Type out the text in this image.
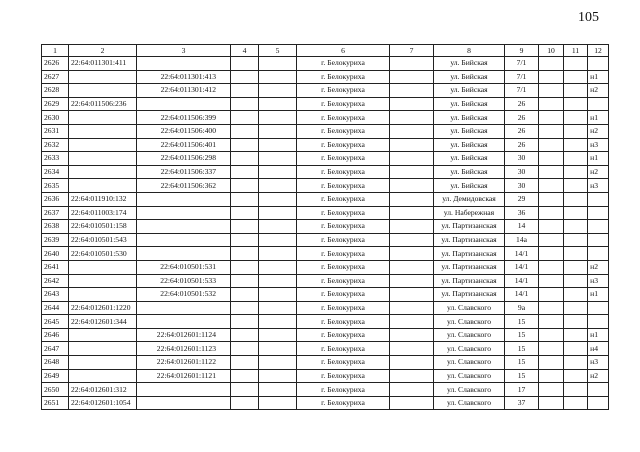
105
1	2	3	4	5	6	7	8	9	10	11	12
2626	22:64:011301:411				г. Белокуриха		ул. Бийская	7/1			
2627		22:64:011301:413			г. Белокуриха		ул. Бийская	7/1			н1
2628		22:64:011301:412			г. Белокуриха		ул. Бийская	7/1			н2
2629	22:64:011506:236				г. Белокуриха		ул. Бийская	26			
2630		22:64:011506:399			г. Белокуриха		ул. Бийская	26			н1
2631		22:64:011506:400			г. Белокуриха		ул. Бийская	26			н2
2632		22:64:011506:401			г. Белокуриха		ул. Бийская	26			н3
2633		22:64:011506:298			г. Белокуриха		ул. Бийская	30			н1
2634		22:64:011506:337			г. Белокуриха		ул. Бийская	30			н2
2635		22:64:011506:362			г. Белокуриха		ул. Бийская	30			н3
2636	22:64:011910:132				г. Белокуриха		ул. Демидовская	29			
2637	22:64:011003:174				г. Белокуриха		ул. Набережная	36			
2638	22:64:010501:158				г. Белокуриха		ул. Партизанская	14			
2639	22:64:010501:543				г. Белокуриха		ул. Партизанская	14а			
2640	22:64:010501:530				г. Белокуриха		ул. Партизанская	14/1			
2641		22:64:010501:531			г. Белокуриха		ул. Партизанская	14/1			н2
2642		22:64:010501:533			г. Белокуриха		ул. Партизанская	14/1			н3
2643		22:64:010501:532			г. Белокуриха		ул. Партизанская	14/1			н1
2644	22:64:012601:1220				г. Белокуриха		ул. Славского	9а			
2645	22:64:012601:344				г. Белокуриха		ул. Славского	15			
2646		22:64:012601:1124			г. Белокуриха		ул. Славского	15			н1
2647		22:64:012601:1123			г. Белокуриха		ул. Славского	15			н4
2648		22:64:012601:1122			г. Белокуриха		ул. Славского	15			н3
2649		22:64:012601:1121			г. Белокуриха		ул. Славского	15			н2
2650	22:64:012601:312				г. Белокуриха		ул. Славского	17			
2651	22:64:012601:1054				г. Белокуриха		ул. Славского	37			
